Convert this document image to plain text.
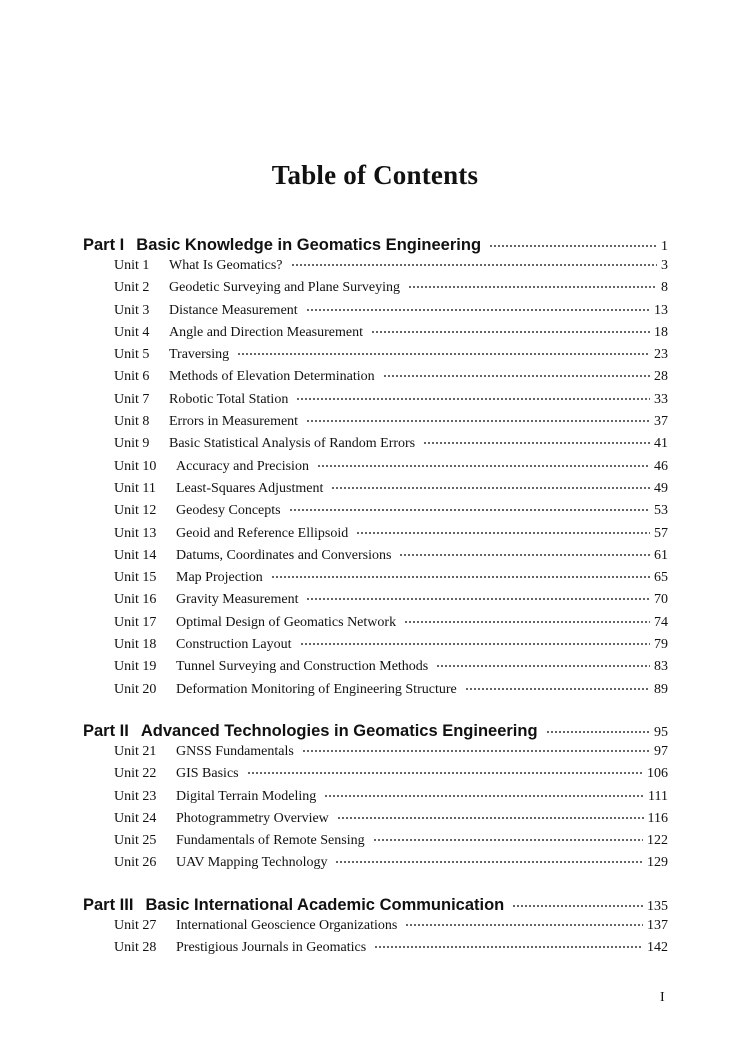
Table of Contents
Part I Basic Knowledge in Geomatics Engineering	1
Unit 1	What Is Geomatics?	3
Unit 2	Geodetic Surveying and Plane Surveying	8
Unit 3	Distance Measurement	13
Unit 4	Angle and Direction Measurement	18
Unit 5	Traversing	23
Unit 6	Methods of Elevation Determination	28
Unit 7	Robotic Total Station	33
Unit 8	Errors in Measurement	37
Unit 9	Basic Statistical Analysis of Random Errors	41
Unit 10	Accuracy and Precision	46
Unit 11	Least-Squares Adjustment	49
Unit 12	Geodesy Concepts	53
Unit 13	Geoid and Reference Ellipsoid	57
Unit 14	Datums, Coordinates and Conversions	61
Unit 15	Map Projection	65
Unit 16	Gravity Measurement	70
Unit 17	Optimal Design of Geomatics Network	74
Unit 18	Construction Layout	79
Unit 19	Tunnel Surveying and Construction Methods	83
Unit 20	Deformation Monitoring of Engineering Structure	89
Part II Advanced Technologies in Geomatics Engineering	95
Unit 21	GNSS Fundamentals	97
Unit 22	GIS Basics	106
Unit 23	Digital Terrain Modeling	111
Unit 24	Photogrammetry Overview	116
Unit 25	Fundamentals of Remote Sensing	122
Unit 26	UAV Mapping Technology	129
Part III Basic International Academic Communication	135
Unit 27	International Geoscience Organizations	137
Unit 28	Prestigious Journals in Geomatics	142
I
